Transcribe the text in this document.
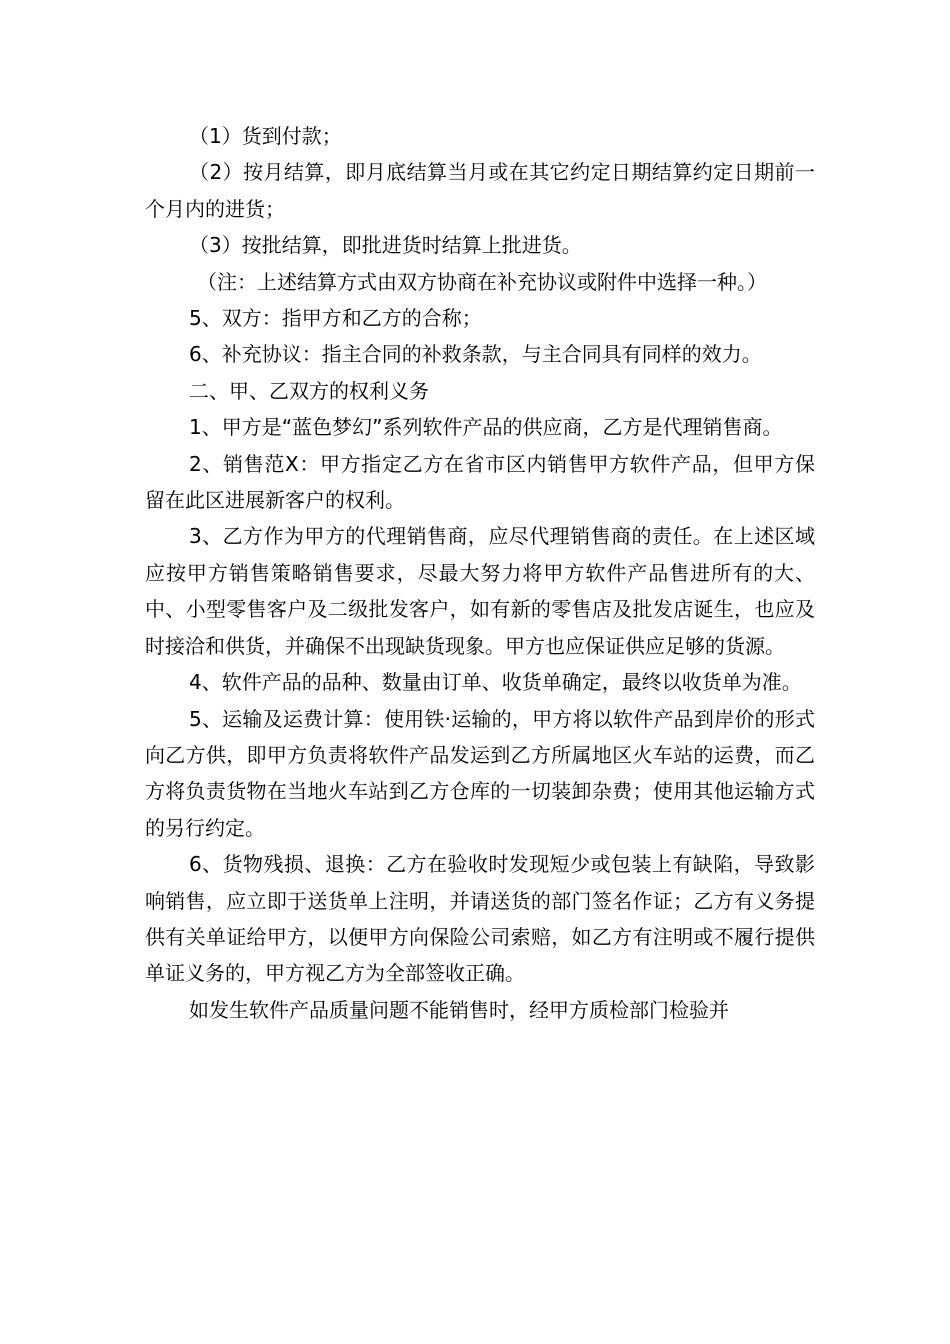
（1）货到付款；

（2）按月结算，即月底结算当月或在其它约定日期结算约定日期前一个月内的进货；

（3）按批结算，即批进货时结算上批进货。

（注：上述结算方式由双方协商在补充协议或附件中选择一种。）

5、双方：指甲方和乙方的合称；

6、补充协议：指主合同的补救条款，与主合同具有同样的效力。

二、甲、乙双方的权利义务

1、甲方是“蓝色梦幻”系列软件产品的供应商，乙方是代理销售商。

2、销售范X：甲方指定乙方在省市区内销售甲方软件产品，但甲方保留在此区进展新客户的权利。

3、乙方作为甲方的代理销售商，应尽代理销售商的责任。在上述区域应按甲方销售策略销售要求，尽最大努力将甲方软件产品售进所有的大、中、小型零售客户及二级批发客户，如有新的零售店及批发店诞生，也应及时接洽和供货，并确保不出现缺货现象。甲方也应保证供应足够的货源。

4、软件产品的品种、数量由订单、收货单确定，最终以收货单为准。

5、运输及运费计算：使用铁·运输的，甲方将以软件产品到岸价的形式向乙方供，即甲方负责将软件产品发运到乙方所属地区火车站的运费，而乙方将负责货物在当地火车站到乙方仓库的一切装卸杂费；使用其他运输方式的另行约定。

6、货物残损、退换：乙方在验收时发现短少或包装上有缺陷，导致影响销售，应立即于送货单上注明，并请送货的部门签名作证；乙方有义务提供有关单证给甲方，以便甲方向保险公司索赔，如乙方有注明或不履行提供单证义务的，甲方视乙方为全部签收正确。

如发生软件产品质量问题不能销售时，经甲方质检部门检验并
